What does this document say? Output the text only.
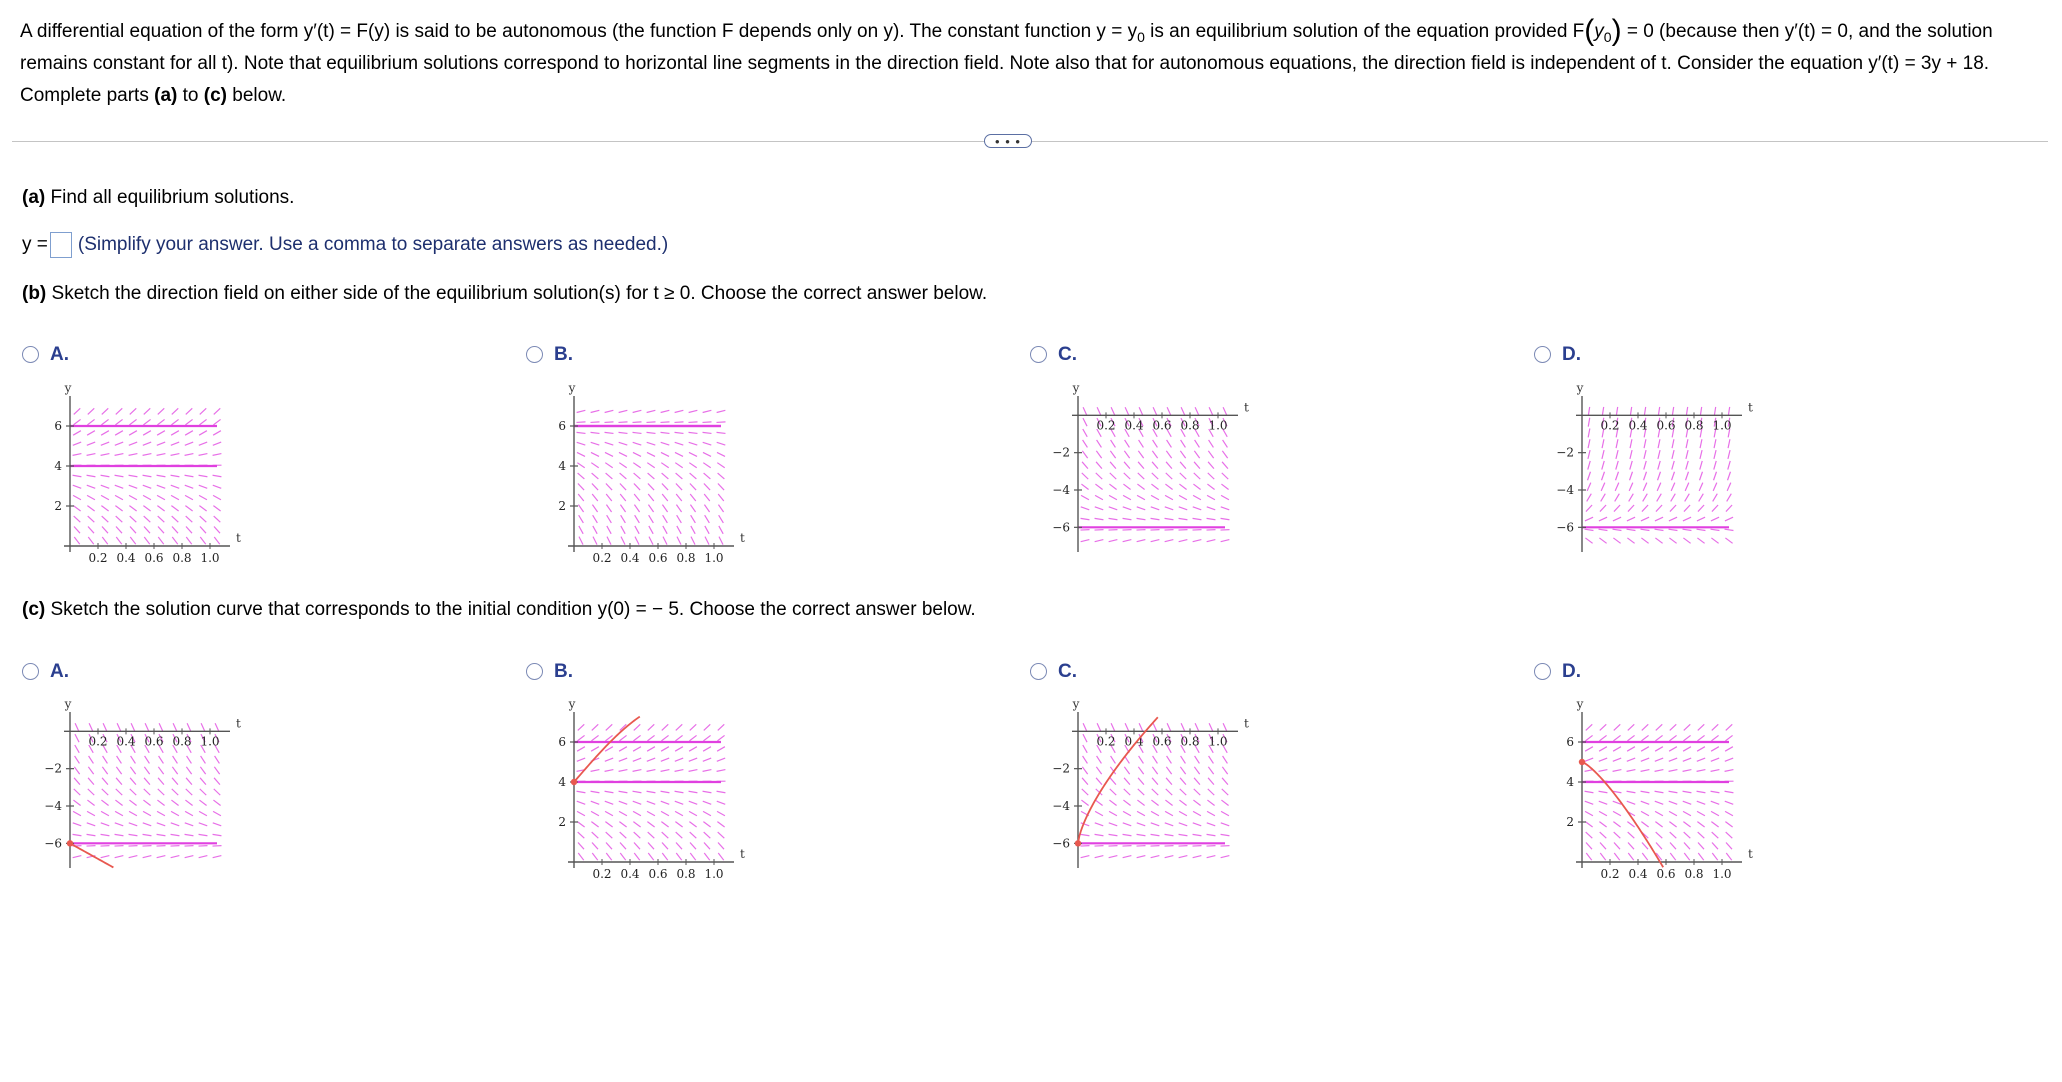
A differential equation of the form y′(t) = F(y) is said to be autonomous (the function F depends only on y). The constant function $y = y_0$ is an equilibrium solution of the equation provided $F(y_0) = 0$ (because then y′(t) = 0, and the solution remains constant for all t). Note that equilibrium solutions correspond to horizontal line segments in the direction field. Note also that for autonomous equations, the direction field is independent of t. Consider the equation y′(t) = 3y + 18. Complete parts (a) to (c) below.
• • •
(a) Find all equilibrium solutions.
y = (Simplify your answer. Use a comma to separate answers as needed.)
(b) Sketch the direction field on either side of the equilibrium solution(s) for t ≥ 0. Choose the correct answer below.
(c) Sketch the solution curve that corresponds to the initial condition y(0) = − 5. Choose the correct answer below.
A.	B.	C.	D.
A.	B.	C.	D.
y
t
6
4
2
0.2 0.4 0.6 0.8 1.0
y
t
6
4
2
0.2 0.4 0.6 0.8 1.0
y
t
−2
−4
−6
0.2 0.4 0.6 0.8 1.0
y
t
−2
−4
−6
0.2 0.4 0.6 0.8 1.0
y
t
−2
−4
−6
0.2 0.4 0.6 0.8 1.0
y
t
6
4
2
0.2 0.4 0.6 0.8 1.0
y
t
−2
−4
−6
0.2 0.4 0.6 0.8 1.0
y
t
6
4
2
0.2 0.4 0.6 0.8 1.0
